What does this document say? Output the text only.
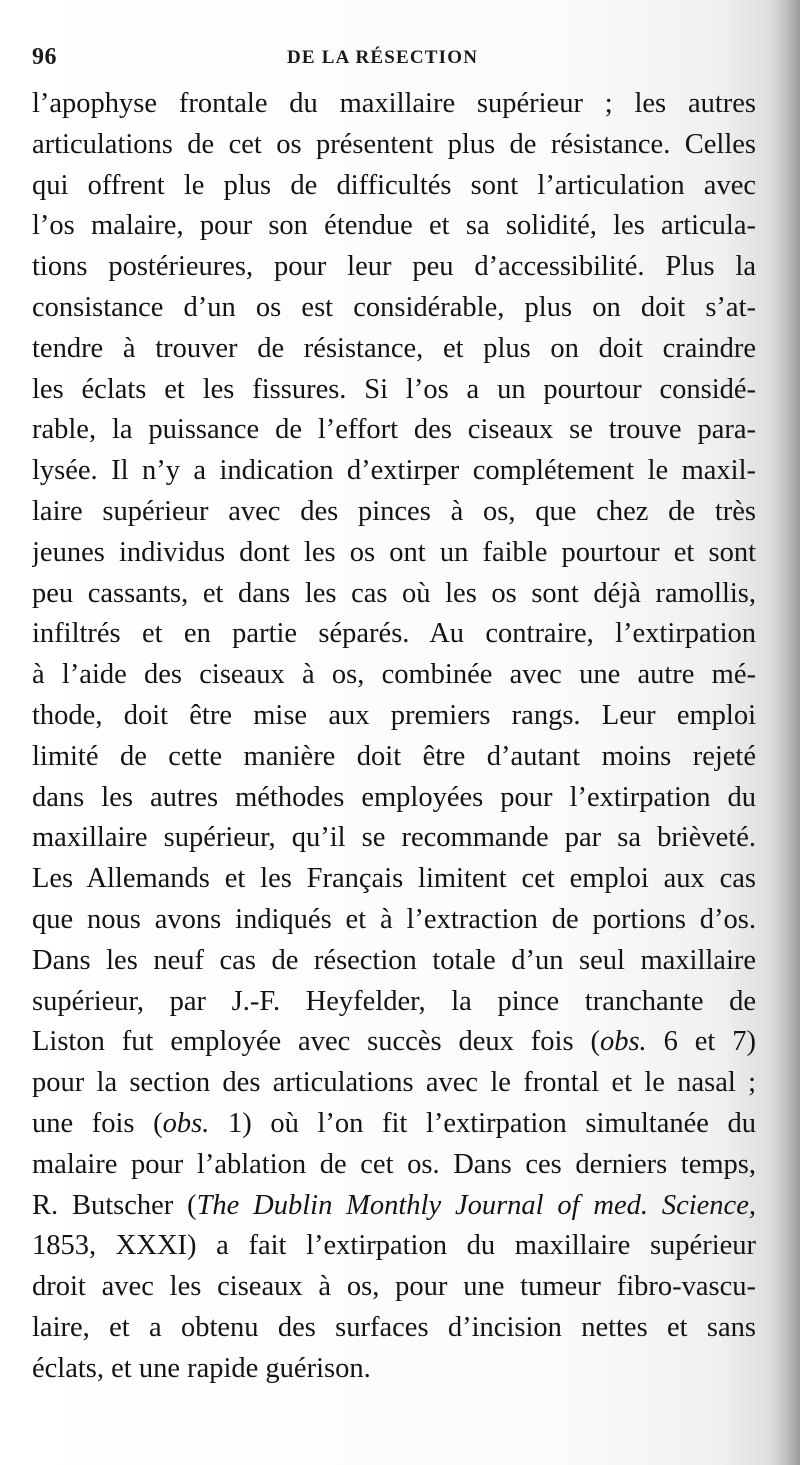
96	DE LA RÉSECTION
l’apophyse frontale du maxillaire supérieur ; les autres
articulations de cet os présentent plus de résistance. Celles
qui offrent le plus de difficultés sont l’articulation avec
l’os malaire, pour son étendue et sa solidité, les articula-
tions postérieures, pour leur peu d’accessibilité. Plus la
consistance d’un os est considérable, plus on doit s’at-
tendre à trouver de résistance, et plus on doit craindre
les éclats et les fissures. Si l’os a un pourtour considé-
rable, la puissance de l’effort des ciseaux se trouve para-
lysée. Il n’y a indication d’extirper complétement le maxil-
laire supérieur avec des pinces à os, que chez de très
jeunes individus dont les os ont un faible pourtour et sont
peu cassants, et dans les cas où les os sont déjà ramollis,
infiltrés et en partie séparés. Au contraire, l’extirpation
à l’aide des ciseaux à os, combinée avec une autre mé-
thode, doit être mise aux premiers rangs. Leur emploi
limité de cette manière doit être d’autant moins rejeté
dans les autres méthodes employées pour l’extirpation du
maxillaire supérieur, qu’il se recommande par sa brièveté.
Les Allemands et les Français limitent cet emploi aux cas
que nous avons indiqués et à l’extraction de portions d’os.
Dans les neuf cas de résection totale d’un seul maxillaire
supérieur, par J.-F. Heyfelder, la pince tranchante de
Liston fut employée avec succès deux fois (obs. 6 et 7)
pour la section des articulations avec le frontal et le nasal ;
une fois (obs. 1) où l’on fit l’extirpation simultanée du
malaire pour l’ablation de cet os. Dans ces derniers temps,
R. Butscher (The Dublin Monthly Journal of med. Science,
1853, XXXI) a fait l’extirpation du maxillaire supérieur
droit avec les ciseaux à os, pour une tumeur fibro-vascu-
laire, et a obtenu des surfaces d’incision nettes et sans
éclats, et une rapide guérison.
